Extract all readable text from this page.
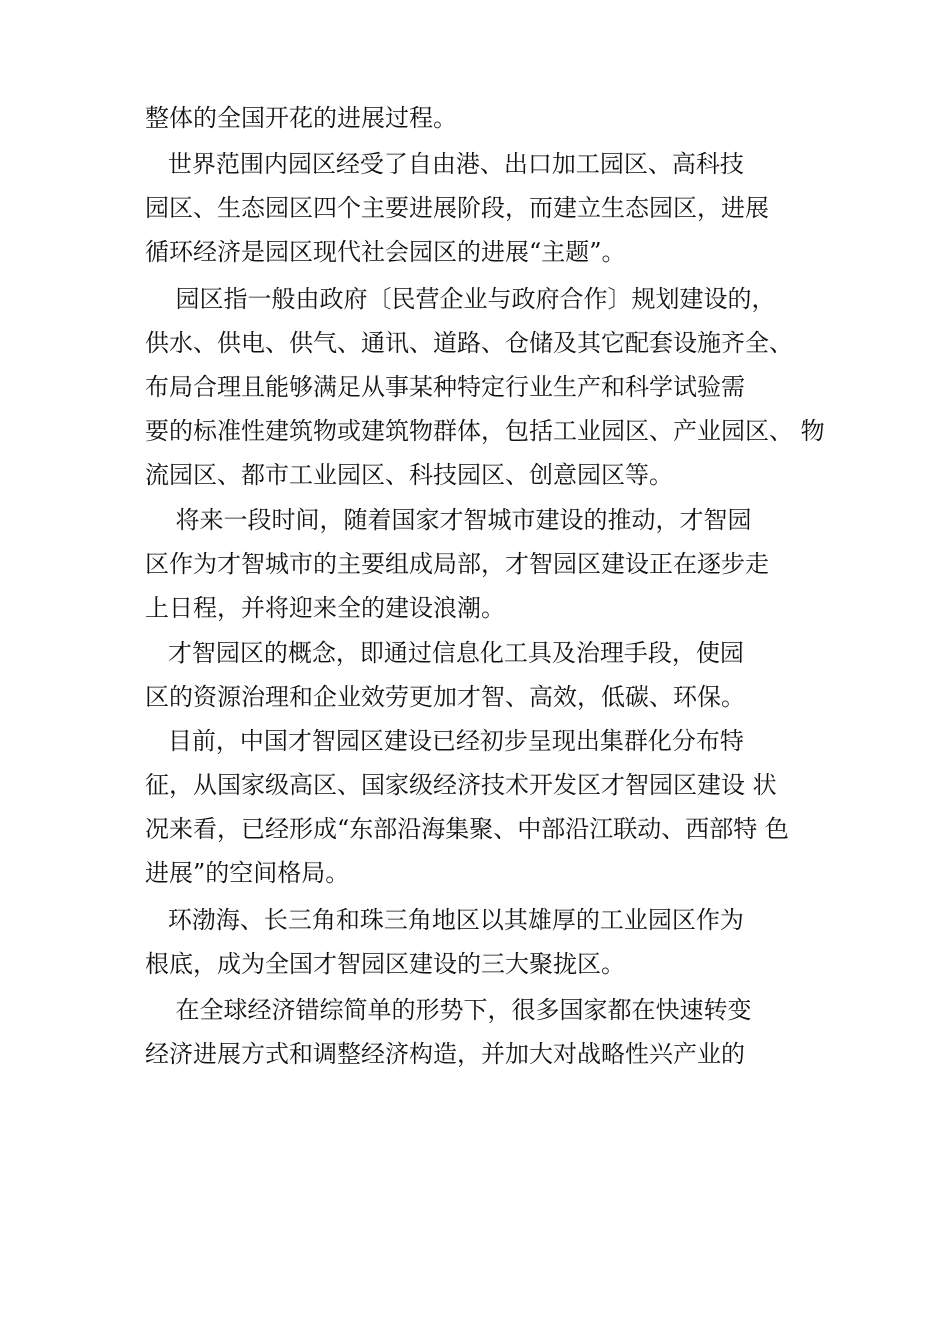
整体的全国开花的进展过程。
世界范围内园区经受了自由港、出口加工园区、高科技
园区、生态园区四个主要进展阶段，而建立生态园区，进展
循环经济是园区现代社会园区的进展“主题”。
园区指一般由政府〔民营企业与政府合作〕规划建设的，
供水、供电、供气、通讯、道路、仓储及其它配套设施齐全、
布局合理且能够满足从事某种特定行业生产和科学试验需
要的标准性建筑物或建筑物群体，包括工业园区、产业园区、 物
流园区、都市工业园区、科技园区、创意园区等。
将来一段时间，随着国家才智城市建设的推动，才智园
区作为才智城市的主要组成局部，才智园区建设正在逐步走
上日程，并将迎来全的建设浪潮。
才智园区的概念，即通过信息化工具及治理手段，使园
区的资源治理和企业效劳更加才智、高效，低碳、环保。
目前，中国才智园区建设已经初步呈现出集群化分布特
征，从国家级高区、国家级经济技术开发区才智园区建设 状
况来看，已经形成“东部沿海集聚、中部沿江联动、西部特 色
进展”的空间格局。
环渤海、长三角和珠三角地区以其雄厚的工业园区作为
根底，成为全国才智园区建设的三大聚拢区。
在全球经济错综简单的形势下，很多国家都在快速转变
经济进展方式和调整经济构造，并加大对战略性兴产业的
